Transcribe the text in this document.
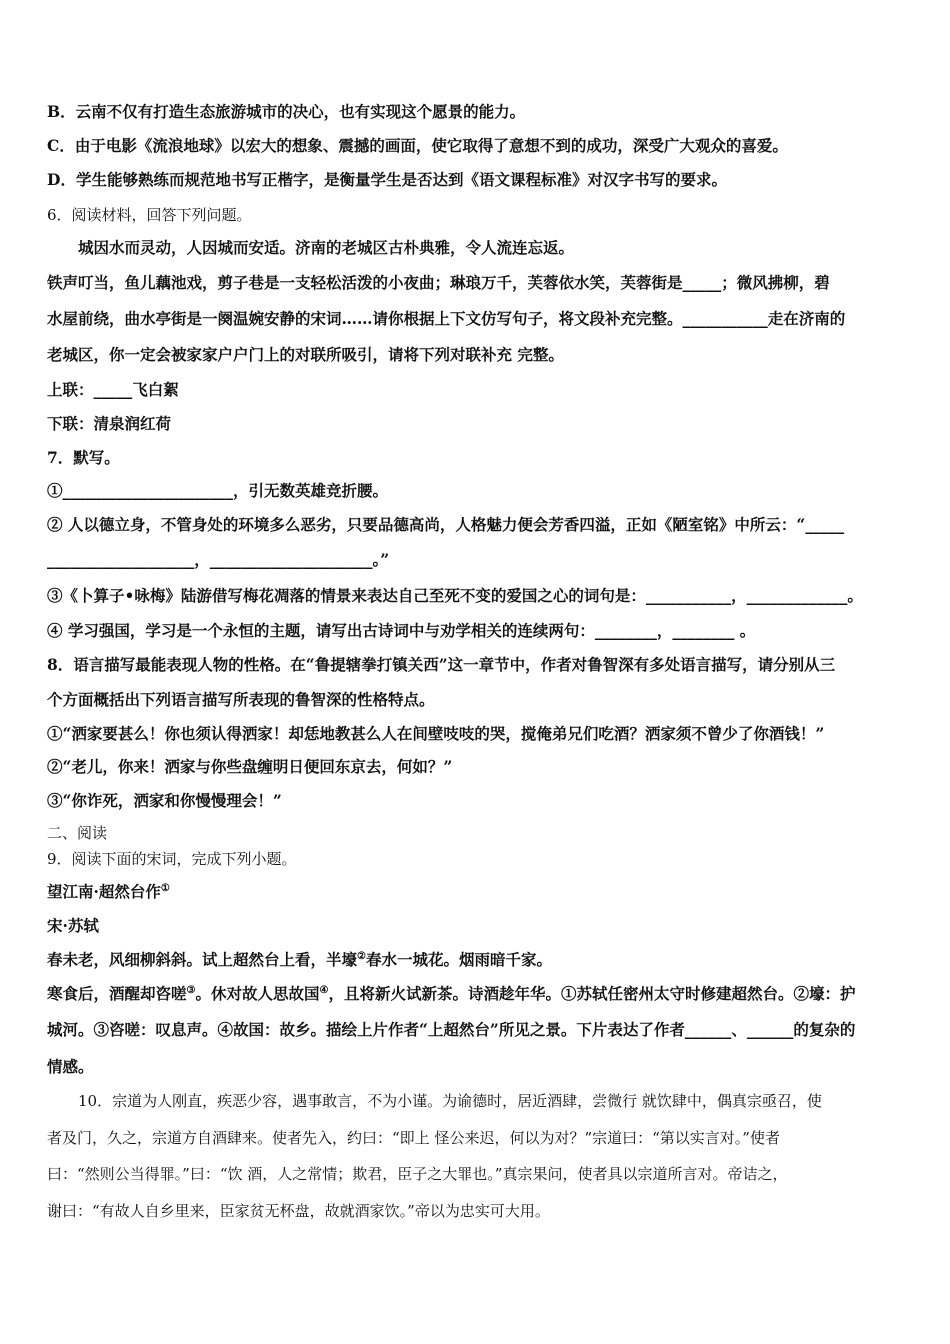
B．云南不仅有打造生态旅游城市的决心，也有实现这个愿景的能力。
C．由于电影《流浪地球》以宏大的想象、震撼的画面，使它取得了意想不到的成功，深受广大观众的喜爱。
D．学生能够熟练而规范地书写正楷字，是衡量学生是否达到《语文课程标准》对汉字书写的要求。
6．阅读材料，回答下列问题。
城因水而灵动，人因城而安适。济南的老城区古朴典雅，令人流连忘返。
铁声叮当，鱼儿藕池戏，剪子巷是一支轻松活泼的小夜曲；琳琅万千，芙蓉依水笑，芙蓉街是_____；微风拂柳，碧
水屋前绕，曲水亭街是一阕温婉安静的宋词……请你根据上下文仿写句子，将文段补充完整。___________走在济南的
老城区，你一定会被家家户户门上的对联所吸引，请将下列对联补充 完整。
上联：_____飞白絮
下联：清泉润红荷
7．默写。
①______________________，引无数英雄竞折腰。
② 人以德立身，不管身处的环境多么恶劣，只要品德高尚，人格魅力便会芳香四溢，正如《陋室铭》中所云：“_____
___________________，_____________________。”
③《卜算子•咏梅》陆游借写梅花凋落的情景来表达自己至死不变的爱国之心的词句是：___________，_____________。
④ 学习强国，学习是一个永恒的主题，请写出古诗词中与劝学相关的连续两句：________，________ 。
8．语言描写最能表现人物的性格。在“鲁提辖拳打镇关西”这一章节中，作者对鲁智深有多处语言描写，请分别从三
个方面概括出下列语言描写所表现的鲁智深的性格特点。
①“洒家要甚么！你也须认得洒家！却恁地教甚么人在间壁吱吱的哭，搅俺弟兄们吃酒？洒家须不曾少了你酒钱！”
②“老儿，你来！洒家与你些盘缠明日便回东京去，何如？”
③“你诈死，洒家和你慢慢理会！”
二、阅读
9．阅读下面的宋词，完成下列小题。
望江南·超然台作①
宋·苏轼
春未老，风细柳斜斜。试上超然台上看，半壕②春水一城花。烟雨暗千家。
寒食后，酒醒却咨嗟③。休对故人思故国④，且将新火试新茶。诗酒趁年华。①苏轼任密州太守时修建超然台。②壕：护
城河。③咨嗟：叹息声。④故国：故乡。描绘上片作者“上超然台”所见之景。下片表达了作者______、______的复杂的
情感。
10．宗道为人刚直，疾恶少容，遇事敢言，不为小谨。为谕德时，居近酒肆，尝微行 就饮肆中，偶真宗亟召，使
者及门，久之，宗道方自酒肆来。使者先入，约曰：“即上 怪公来迟，何以为对？”宗道曰：“第以实言对。”使者
曰：“然则公当得罪。”曰：“饮 酒，人之常情；欺君，臣子之大罪也。”真宗果问，使者具以宗道所言对。帝诘之，
谢曰：“有故人自乡里来，臣家贫无杯盘，故就酒家饮。”帝以为忠实可大用。
